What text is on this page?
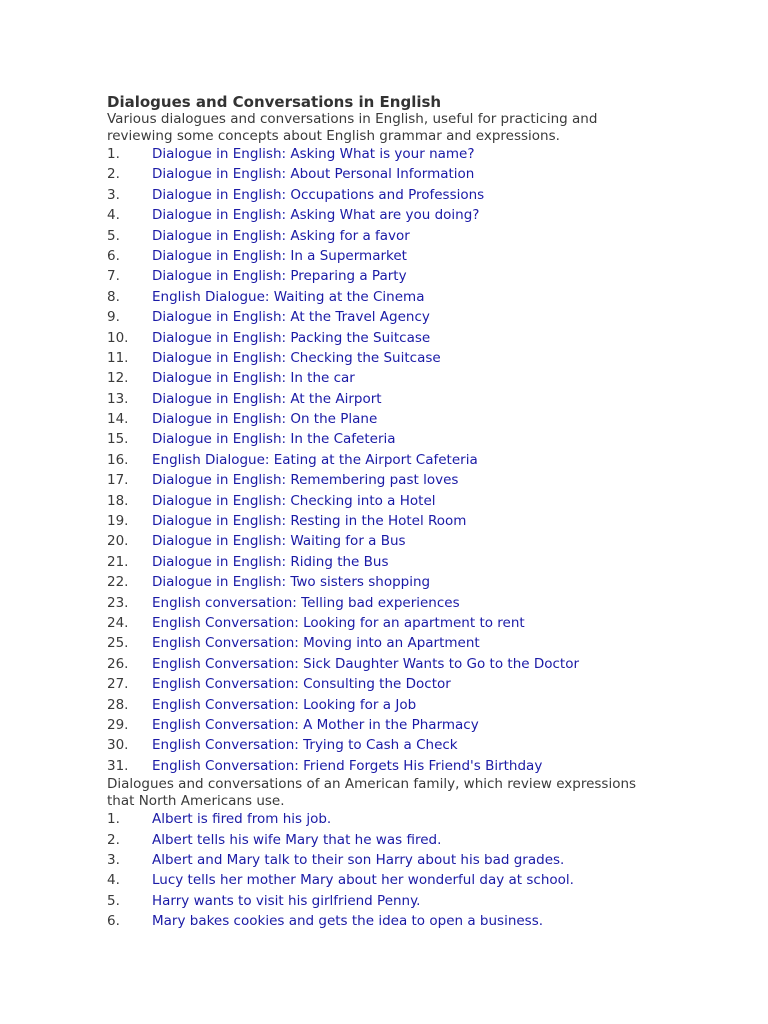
Dialogues and Conversations in English

Various dialogues and conversations in English, useful for practicing and reviewing some concepts about English grammar and expressions.

1.	Dialogue in English: Asking What is your name?
2.	Dialogue in English: About Personal Information
3.	Dialogue in English: Occupations and Professions
4.	Dialogue in English: Asking What are you doing?
5.	Dialogue in English: Asking for a favor
6.	Dialogue in English: In a Supermarket
7.	Dialogue in English: Preparing a Party
8.	English Dialogue: Waiting at the Cinema
9.	Dialogue in English: At the Travel Agency
10.	Dialogue in English: Packing the Suitcase
11.	Dialogue in English: Checking the Suitcase
12.	Dialogue in English: In the car
13.	Dialogue in English: At the Airport
14.	Dialogue in English: On the Plane
15.	Dialogue in English: In the Cafeteria
16.	English Dialogue: Eating at the Airport Cafeteria
17.	Dialogue in English: Remembering past loves
18.	Dialogue in English: Checking into a Hotel
19.	Dialogue in English: Resting in the Hotel Room
20.	Dialogue in English: Waiting for a Bus
21.	Dialogue in English: Riding the Bus
22.	Dialogue in English: Two sisters shopping
23.	English conversation: Telling bad experiences
24.	English Conversation: Looking for an apartment to rent
25.	English Conversation: Moving into an Apartment
26.	English Conversation: Sick Daughter Wants to Go to the Doctor
27.	English Conversation: Consulting the Doctor
28.	English Conversation: Looking for a Job
29.	English Conversation: A Mother in the Pharmacy
30.	English Conversation: Trying to Cash a Check
31.	English Conversation: Friend Forgets His Friend's Birthday

Dialogues and conversations of an American family, which review expressions that North Americans use.

1.	Albert is fired from his job.
2.	Albert tells his wife Mary that he was fired.
3.	Albert and Mary talk to their son Harry about his bad grades.
4.	Lucy tells her mother Mary about her wonderful day at school.
5.	Harry wants to visit his girlfriend Penny.
6.	Mary bakes cookies and gets the idea to open a business.
